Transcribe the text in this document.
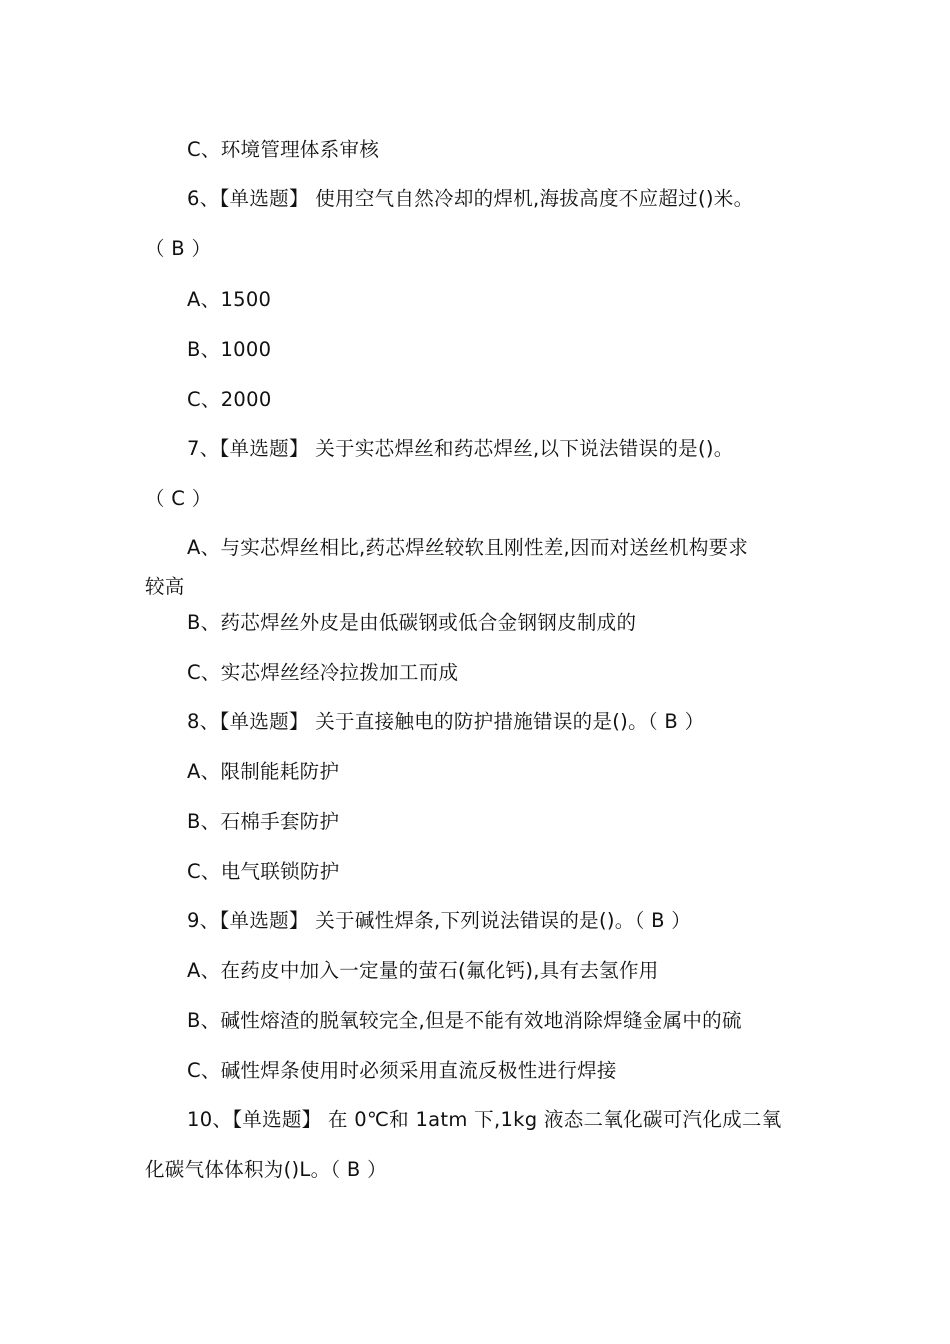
C、环境管理体系审核
6、【单选题】 使用空气自然冷却的焊机,海拔高度不应超过()米。
（ B ）
A、1500
B、1000
C、2000
7、【单选题】 关于实芯焊丝和药芯焊丝,以下说法错误的是()。
（ C ）
A、与实芯焊丝相比,药芯焊丝较软且刚性差,因而对送丝机构要求
较高
B、药芯焊丝外皮是由低碳钢或低合金钢钢皮制成的
C、实芯焊丝经冷拉拨加工而成
8、【单选题】 关于直接触电的防护措施错误的是()。（ B ）
A、限制能耗防护
B、石棉手套防护
C、电气联锁防护
9、【单选题】 关于碱性焊条,下列说法错误的是()。（ B ）
A、在药皮中加入一定量的萤石(氟化钙),具有去氢作用
B、碱性熔渣的脱氧较完全,但是不能有效地消除焊缝金属中的硫
C、碱性焊条使用时必须采用直流反极性进行焊接
10、【单选题】 在 0℃和 1atm 下,1kg 液态二氧化碳可汽化成二氧
化碳气体体积为()L。（ B ）
